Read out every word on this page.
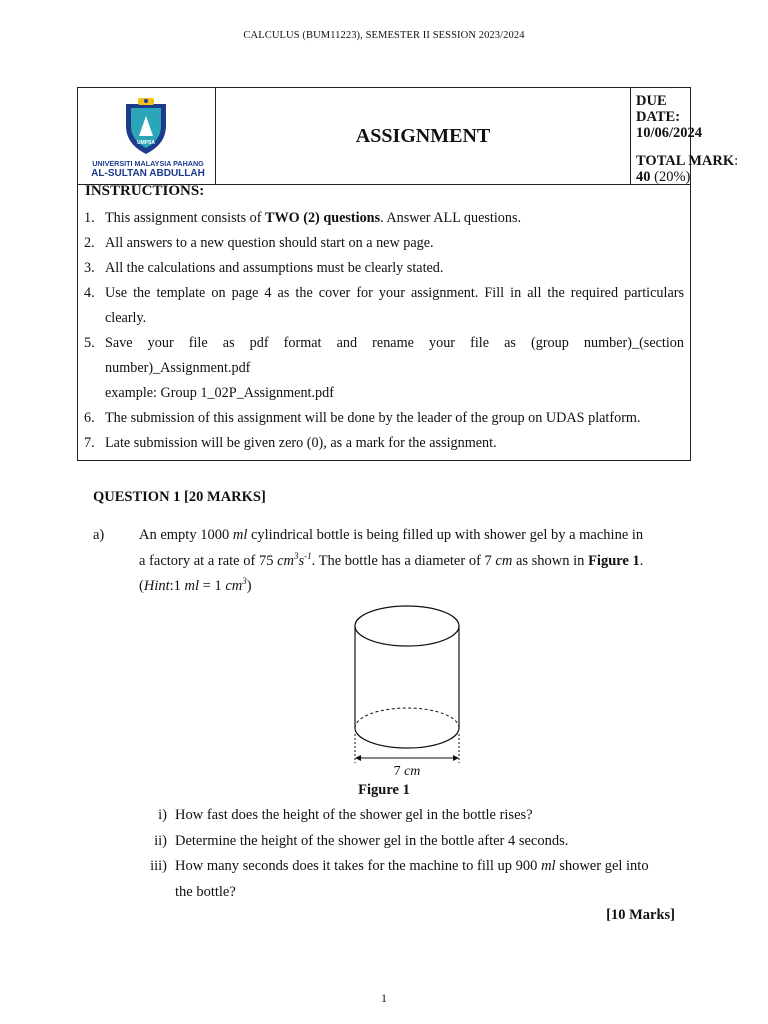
CALCULUS (BUM11223), SEMESTER II SESSION 2023/2024
UMPSA
UNIVERSITI MALAYSIA PAHANG
AL-SULTAN ABDULLAH
ASSIGNMENT
DUE DATE:
10/06/2024
TOTAL MARK:
40 (20%)
INSTRUCTIONS:
1. This assignment consists of TWO (2) questions. Answer ALL questions.
2. All answers to a new question should start on a new page.
3. All the calculations and assumptions must be clearly stated.
4. Use the template on page 4 as the cover for your assignment. Fill in all the required particulars
clearly.
5. Save your file as pdf format and rename your file as (group number)_(section
number)_Assignment.pdf
example: Group 1_02P_Assignment.pdf
6. The submission of this assignment will be done by the leader of the group on UDAS platform.
7. Late submission will be given zero (0), as a mark for the assignment.
QUESTION 1 [20 MARKS]
a) An empty 1000 ml cylindrical bottle is being filled up with shower gel by a machine in
a factory at a rate of 75 $cm^3s^{-1}$. The bottle has a diameter of 7 cm as shown in Figure 1.
(Hint:1 ml = 1 $cm^3$)
7 cm
Figure 1
i) How fast does the height of the shower gel in the bottle rises?
ii) Determine the height of the shower gel in the bottle after 4 seconds.
iii) How many seconds does it takes for the machine to fill up 900 ml shower gel into
the bottle?
[10 Marks]
1
